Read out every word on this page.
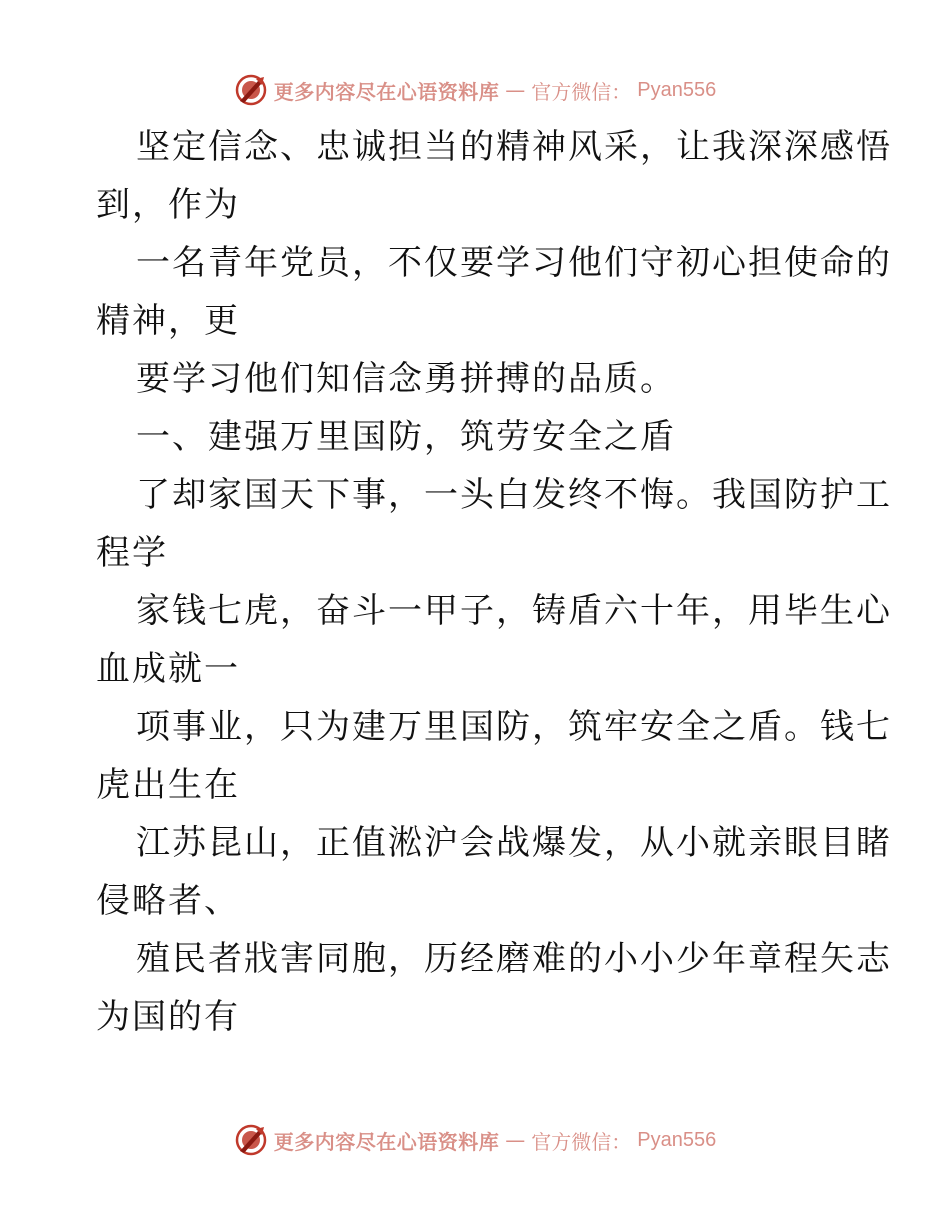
更多内容尽在心语资料库 — 官方微信： Pyan556
坚定信念、忠诚担当的精神风采，让我深深感悟
到，作为
一名青年党员，不仅要学习他们守初心担使命的
精神，更
要学习他们知信念勇拼搏的品质。
一、建强万里国防，筑劳安全之盾
了却家国天下事，一头白发终不悔。我国防护工
程学
家钱七虎，奋斗一甲子，铸盾六十年，用毕生心
血成就一
项事业，只为建万里国防，筑牢安全之盾。钱七
虎出生在
江苏昆山，正值淞沪会战爆发，从小就亲眼目睹
侵略者、
殖民者戕害同胞，历经磨难的小小少年章程矢志
为国的有
更多内容尽在心语资料库 — 官方微信： Pyan556
